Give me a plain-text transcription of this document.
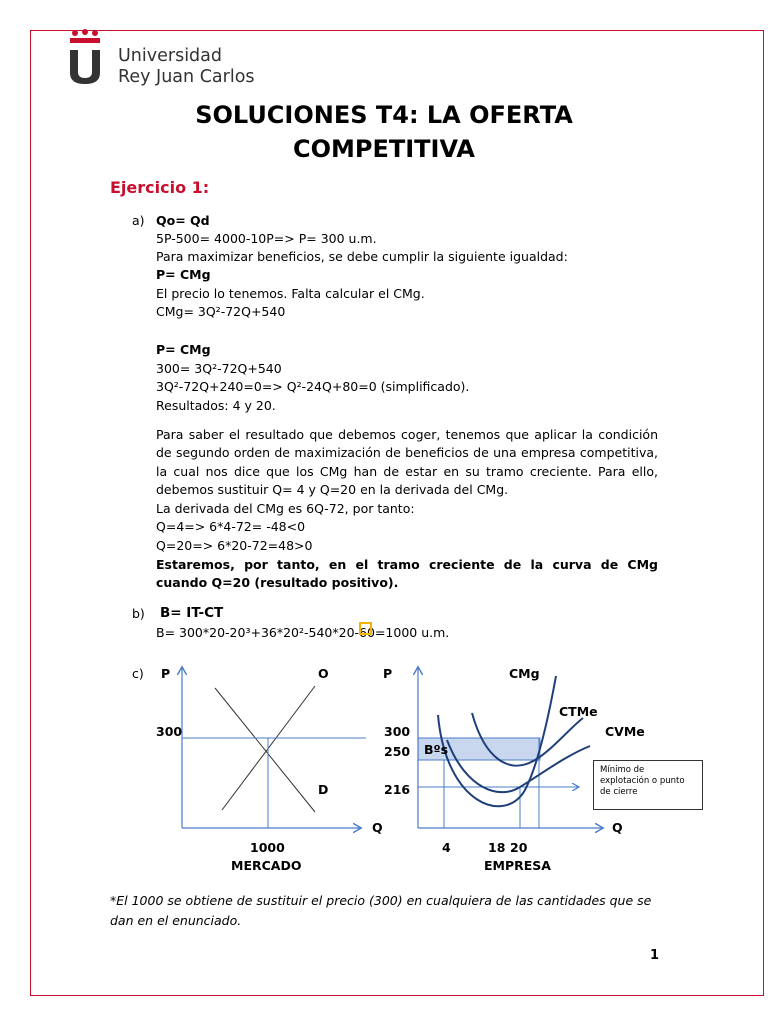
Universidad
Rey Juan Carlos
SOLUCIONES T4: LA OFERTA
COMPETITIVA
Ejercicio 1:
a) Qo= Qd
5P-500= 4000-10P=> P= 300 u.m.
Para maximizar beneficios, se debe cumplir la siguiente igualdad:
P= CMg
El precio lo tenemos. Falta calcular el CMg.
CMg= 3Q²-72Q+540
P= CMg
300= 3Q²-72Q+540
3Q²-72Q+240=0=> Q²-24Q+80=0 (simplificado).
Resultados: 4 y 20.
Para saber el resultado que debemos coger, tenemos que aplicar la condición de segundo orden de maximización de beneficios de una empresa competitiva, la cual nos dice que los CMg han de estar en su tramo creciente. Para ello, debemos sustituir Q= 4 y Q=20 en la derivada del CMg.
La derivada del CMg es 6Q-72, por tanto:
Q=4=> 6*4-72= -48<0
Q=20=> 6*20-72=48>0
Estaremos, por tanto, en el tramo creciente de la curva de CMg cuando Q=20 (resultado positivo).
b) B= IT-CT
B= 300*20-20³+36*20²-540*20-60=1000 u.m.
c) P	O
300
D
Q
1000
MERCADO
P	CMg
CTMe
CVMe
300
250
216
Bºs
Q
4	18 20
EMPRESA
Mínimo de explotación o punto de cierre
*El 1000 se obtiene de sustituir el precio (300) en cualquiera de las cantidades que se dan en el enunciado.
1
